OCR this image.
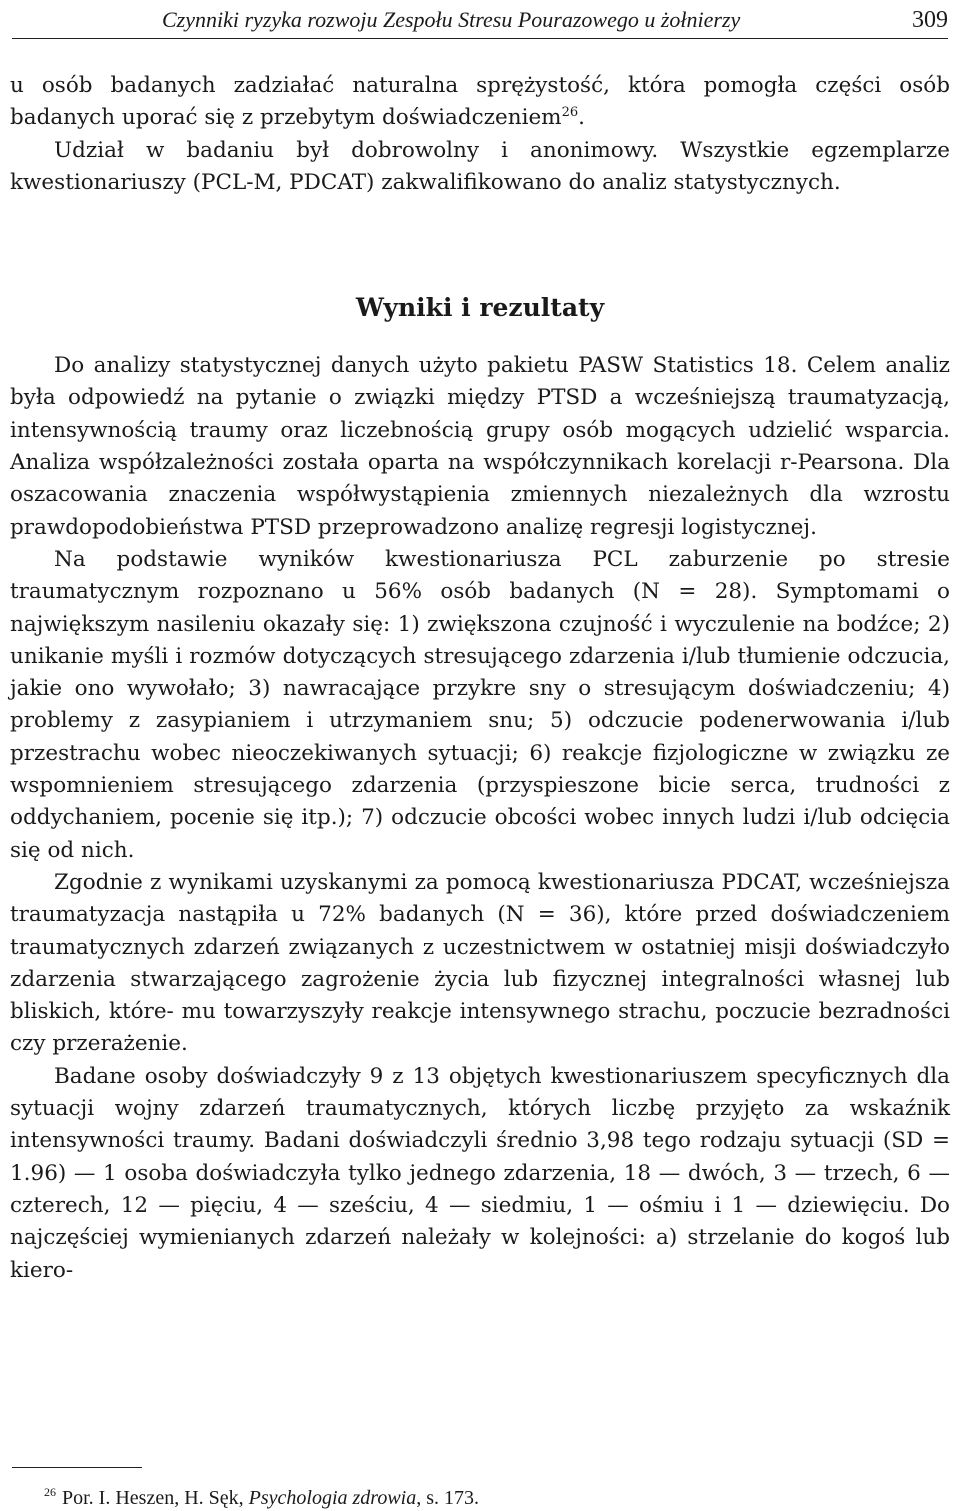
Czynniki ryzyka rozwoju Zespołu Stresu Pourazowego u żołnierzy	309

u osób badanych zadziałać naturalna sprężystość, która pomogła części osób badanych uporać się z przebytym doświadczeniem$^{26}$.

Udział w badaniu był dobrowolny i anonimowy. Wszystkie egzemplarze kwestionariuszy (PCL-M, PDCAT) zakwalifikowano do analiz statystycznych.

Wyniki i rezultaty

Do analizy statystycznej danych użyto pakietu PASW Statistics 18. Celem analiz była odpowiedź na pytanie o związki między PTSD a wcześniejszą traumatyzacją, intensywnością traumy oraz liczebnością grupy osób mogących udzielić wsparcia. Analiza współzależności została oparta na współczynnikach korelacji r-Pearsona. Dla oszacowania znaczenia współwystąpienia zmiennych niezależnych dla wzrostu prawdopodobieństwa PTSD przeprowadzono analizę regresji logistycznej.

Na podstawie wyników kwestionariusza PCL zaburzenie po stresie traumatycznym rozpoznano u 56% osób badanych (N = 28). Symptomami o największym nasileniu okazały się: 1) zwiększona czujność i wyczulenie na bodźce; 2) unikanie myśli i rozmów dotyczących stresującego zdarzenia i/lub tłumienie odczucia, jakie ono wywołało; 3) nawracające przykre sny o stresującym doświadczeniu; 4) problemy z zasypianiem i utrzymaniem snu; 5) odczucie podenerwowania i/lub przestrachu wobec nieoczekiwanych sytuacji; 6) reakcje fizjologiczne w związku ze wspomnieniem stresującego zdarzenia (przyspieszone bicie serca, trudności z oddychaniem, pocenie się itp.); 7) odczucie obcości wobec innych ludzi i/lub odcięcia się od nich.

Zgodnie z wynikami uzyskanymi za pomocą kwestionariusza PDCAT, wcześniejsza traumatyzacja nastąpiła u 72% badanych (N = 36), które przed doświadczeniem traumatycznych zdarzeń związanych z uczestnictwem w ostatniej misji doświadczyło zdarzenia stwarzającego zagrożenie życia lub fizycznej integralności własnej lub bliskich, które- mu towarzyszyły reakcje intensywnego strachu, poczucie bezradności czy przerażenie.

Badane osoby doświadczyły 9 z 13 objętych kwestionariuszem specyficznych dla sytuacji wojny zdarzeń traumatycznych, których liczbę przyjęto za wskaźnik intensywności traumy. Badani doświadczyli średnio 3,98 tego rodzaju sytuacji (SD = 1.96) — 1 osoba doświadczyła tylko jednego zdarzenia, 18 — dwóch, 3 — trzech, 6 — czterech, 12 — pięciu, 4 — sześciu, 4 — siedmiu, 1 — ośmiu i 1 — dziewięciu. Do najczęściej wymienianych zdarzeń należały w kolejności: a) strzelanie do kogoś lub kiero-

$^{26}$ Por. I. Heszen, H. Sęk, Psychologia zdrowia, s. 173.
